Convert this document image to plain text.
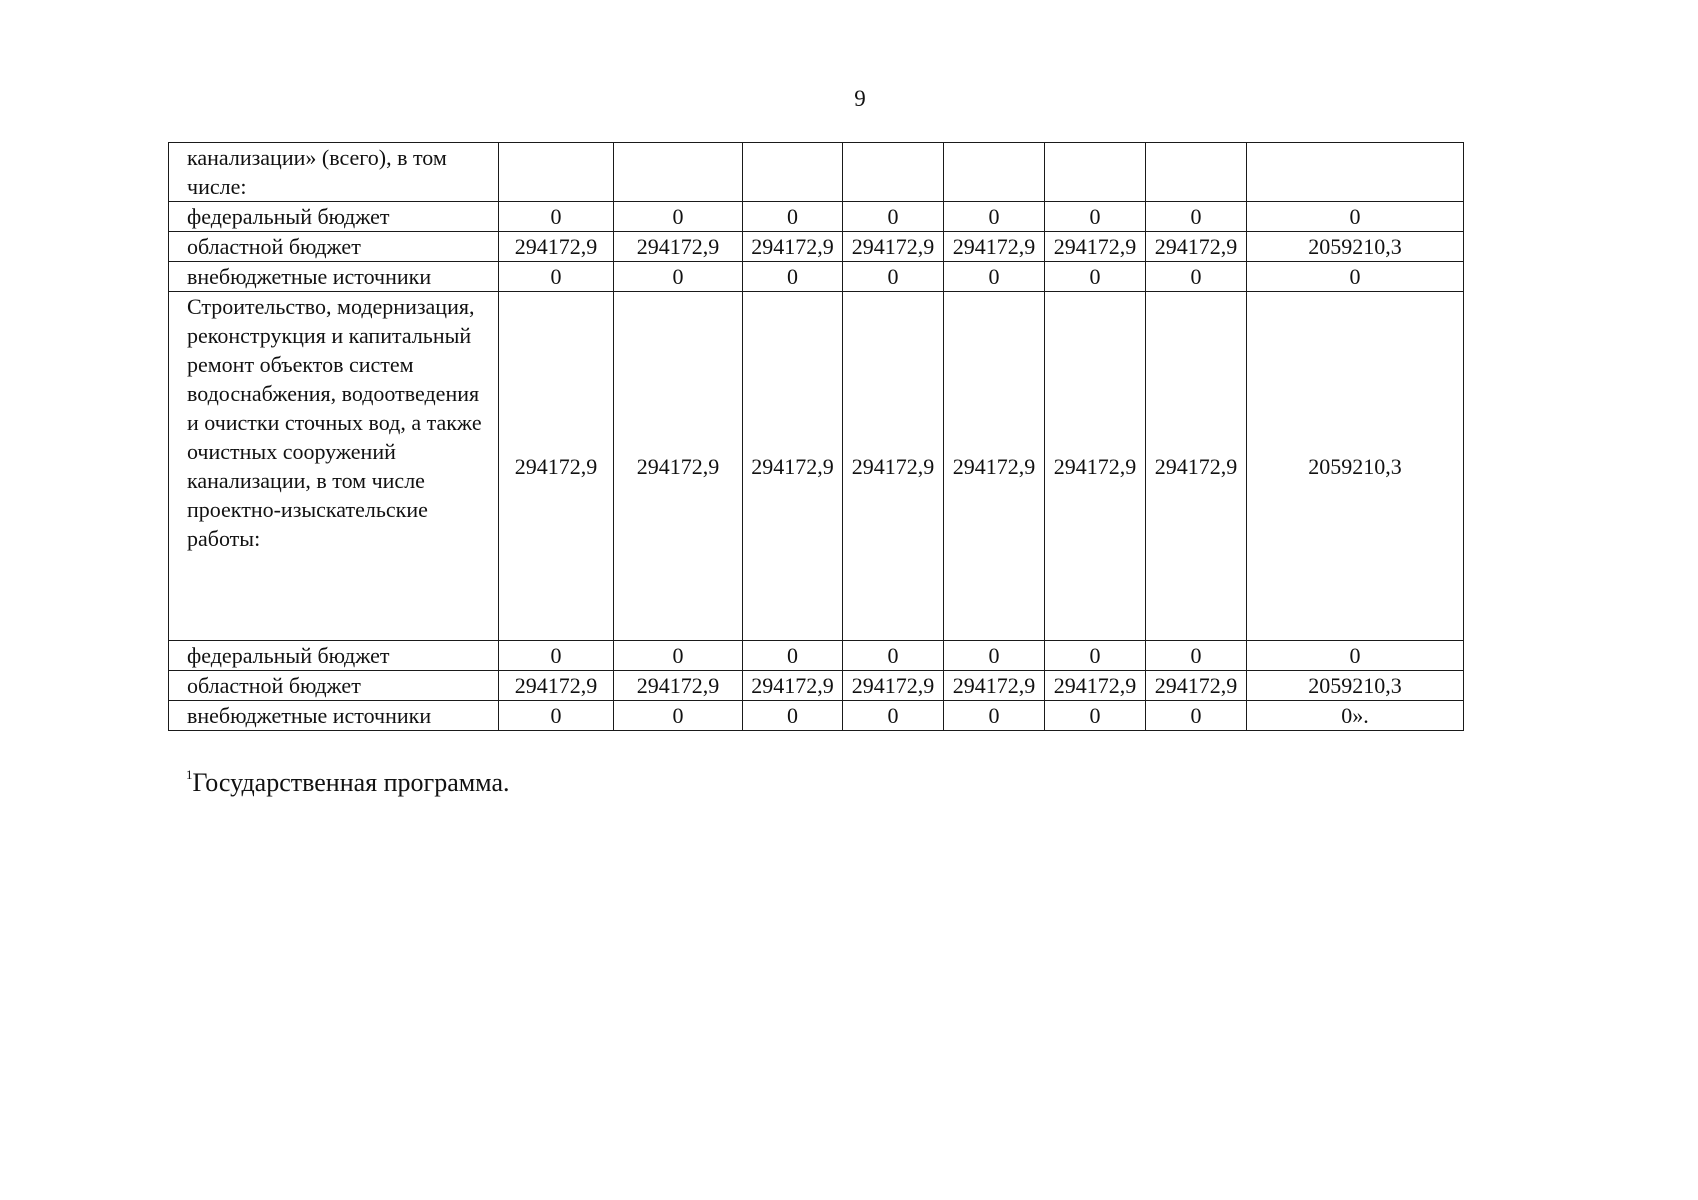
9
канализации» (всего), в том числе:								
федеральный бюджет	0	0	0	0	0	0	0	0
областной бюджет	294172,9	294172,9	294172,9	294172,9	294172,9	294172,9	294172,9	2059210,3
внебюджетные источники	0	0	0	0	0	0	0	0
Строительство, модернизация, реконструкция и капитальный ремонт объектов систем водоснабжения, водоотведения и очистки сточных вод, а также очистных сооружений канализации, в том числе проектно-изыскательские работы:	294172,9	294172,9	294172,9	294172,9	294172,9	294172,9	294172,9	2059210,3
федеральный бюджет	0	0	0	0	0	0	0	0
областной бюджет	294172,9	294172,9	294172,9	294172,9	294172,9	294172,9	294172,9	2059210,3
внебюджетные источники	0	0	0	0	0	0	0	0».
$^1$Государственная программа.
